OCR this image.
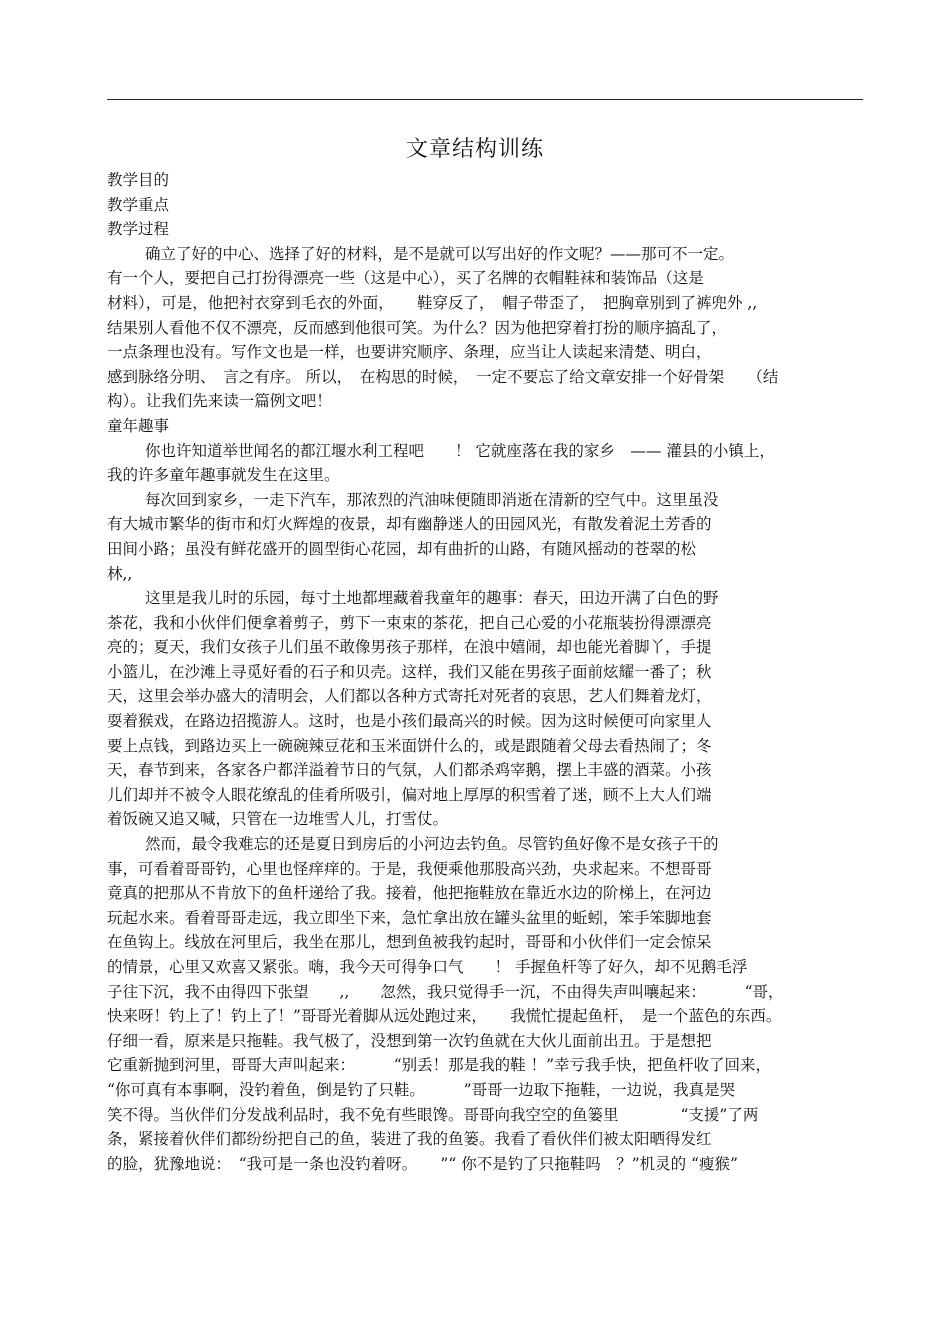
文章结构训练
教学目的
教学重点
教学过程
确立了好的中心、选择了好的材料，是不是就可以写出好的作文呢？——那可不一定。
有一个人，要把自己打扮得漂亮一些（这是中心），买了名牌的衣帽鞋袜和装饰品（这是
材料），可是，他把衬衣穿到毛衣的外面，　　鞋穿反了，　帽子带歪了，　把胸章别到了裤兜外 ,,
结果别人看他不仅不漂亮，反而感到他很可笑。为什么？因为他把穿着打扮的顺序搞乱了，
一点条理也没有。写作文也是一样，也要讲究顺序、条理，应当让人读起来清楚、明白，
感到脉络分明、　言之有序。 所以，　在构思的时候，　一定不要忘了给文章安排一个好骨架　　（结
构）。让我们先来读一篇例文吧！
童年趣事
你也许知道举世闻名的都江堰水利工程吧　　！ 它就座落在我的家乡　—— 灌县的小镇上，
我的许多童年趣事就发生在这里。
每次回到家乡，一走下汽车，那浓烈的汽油味便随即消逝在清新的空气中。这里虽没
有大城市繁华的街市和灯火辉煌的夜景，却有幽静迷人的田园风光，有散发着泥土芳香的
田间小路；虽没有鲜花盛开的圆型街心花园，却有曲折的山路，有随风摇动的苍翠的松
林,,
这里是我儿时的乐园，每寸土地都埋藏着我童年的趣事：春天，田边开满了白色的野
茶花，我和小伙伴们便拿着剪子，剪下一束束的茶花，把自己心爱的小花瓶装扮得漂漂亮
亮的；夏天，我们女孩子儿们虽不敢像男孩子那样，在浪中嬉闹，却也能光着脚丫，手提
小篮儿，在沙滩上寻觅好看的石子和贝壳。这样，我们又能在男孩子面前炫耀一番了；秋
天，这里会举办盛大的清明会，人们都以各种方式寄托对死者的哀思，艺人们舞着龙灯，
耍着猴戏，在路边招揽游人。这时，也是小孩们最高兴的时候。因为这时候便可向家里人
要上点钱，到路边买上一碗碗辣豆花和玉米面饼什么的，或是跟随着父母去看热闹了；冬
天，春节到来，各家各户都洋溢着节日的气氛，人们都杀鸡宰鹅，摆上丰盛的酒菜。小孩
儿们却并不被令人眼花缭乱的佳肴所吸引，偏对地上厚厚的积雪着了迷，顾不上大人们端
着饭碗又追又喊，只管在一边堆雪人儿，打雪仗。
然而，最令我难忘的还是夏日到房后的小河边去钓鱼。尽管钓鱼好像不是女孩子干的
事，可看着哥哥钓，心里也怪痒痒的。于是，我便乘他那股高兴劲，央求起来。不想哥哥
竟真的把那从不肯放下的鱼杆递给了我。接着，他把拖鞋放在靠近水边的阶梯上，在河边
玩起水来。看着哥哥走远，我立即坐下来，急忙拿出放在罐头盆里的蚯蚓，笨手笨脚地套
在鱼钩上。线放在河里后，我坐在那儿，想到鱼被我钓起时，哥哥和小伙伴们一定会惊呆
的情景，心里又欢喜又紧张。嗨，我今天可得争口气　　！ 手握鱼杆等了好久，却不见鹅毛浮
子往下沉，我不由得四下张望　　,,　　忽然，我只觉得手一沉，不由得失声叫嚷起来：　　　“哥，
快来呀！钓上了！钓上了！”哥哥光着脚从远处跑过来，　　我慌忙提起鱼杆，　是一个蓝色的东西。
仔细一看，原来是只拖鞋。我气极了，没想到第一次钓鱼就在大伙儿面前出丑。于是想把
它重新抛到河里，哥哥大声叫起来：　　　“别丢！那是我的鞋 ！”幸亏我手快，把鱼杆收了回来，
“你可真有本事啊，没钓着鱼，倒是钓了只鞋。　　　”哥哥一边取下拖鞋，一边说，我真是哭
笑不得。当伙伴们分发战利品时，我不免有些眼馋。哥哥向我空空的鱼篓里　　　　“支援”了两
条，紧接着伙伴们都纷纷把自己的鱼，装进了我的鱼篓。我看了看伙伴们被太阳晒得发红
的脸，犹豫地说：　“我可是一条也没钓着呀。　　”“ 你不是钓了只拖鞋吗　？”机灵的 “瘦猴”
